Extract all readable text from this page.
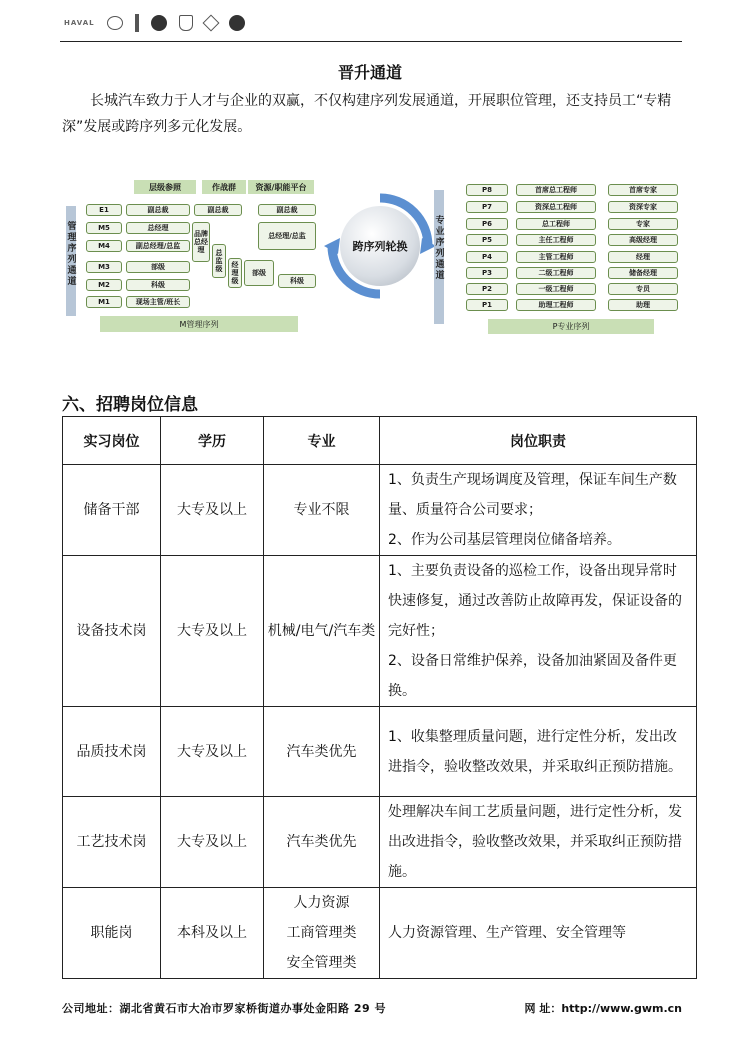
HAVAL
晋升通道

长城汽车致力于人才与企业的双赢，不仅构建序列发展通道，开展职位管理，还支持员工“专精深”发展或跨序列多元化发展。

管理序列通道
层级参照	作战群	资源/职能平台
E1
M5
M4
M3
M2
M1
副总裁
总经理
副总经理/总监
部级
科级
现场主管/班长
副总裁
品牌总经理	总监级	经理级
部级
副总裁
总经理/总监
科级
M管理序列
跨序列轮换
专业序列通道
P8
P7
P6
P5
P4
P3
P2
P1
首席总工程师
资深总工程师
总工程师
主任工程师
主管工程师
二级工程师
一级工程师
助理工程师
首席专家
资深专家
专家
高级经理
经理
储备经理
专员
助理
P专业序列
六、招聘岗位信息
实习岗位	学历	专业	岗位职责
储备干部	大专及以上	专业不限	1、负责生产现场调度及管理，保证车间生产数量、质量符合公司要求；
2、作为公司基层管理岗位储备培养。
设备技术岗	大专及以上	机械/电气/汽车类	1、主要负责设备的巡检工作，设备出现异常时快速修复，通过改善防止故障再发，保证设备的完好性；
2、设备日常维护保养，设备加油紧固及备件更换。
品质技术岗	大专及以上	汽车类优先	1、收集整理质量问题，进行定性分析，发出改进指令，验收整改效果，并采取纠正预防措施。
工艺技术岗	大专及以上	汽车类优先	处理解决车间工艺质量问题，进行定性分析，发出改进指令，验收整改效果，并采取纠正预防措施。
职能岗	本科及以上	人力资源
工商管理类
安全管理类	人力资源管理、生产管理、安全管理等
公司地址：湖北省黄石市大冶市罗家桥街道办事处金阳路 29 号	网 址：http://www.gwm.cn
